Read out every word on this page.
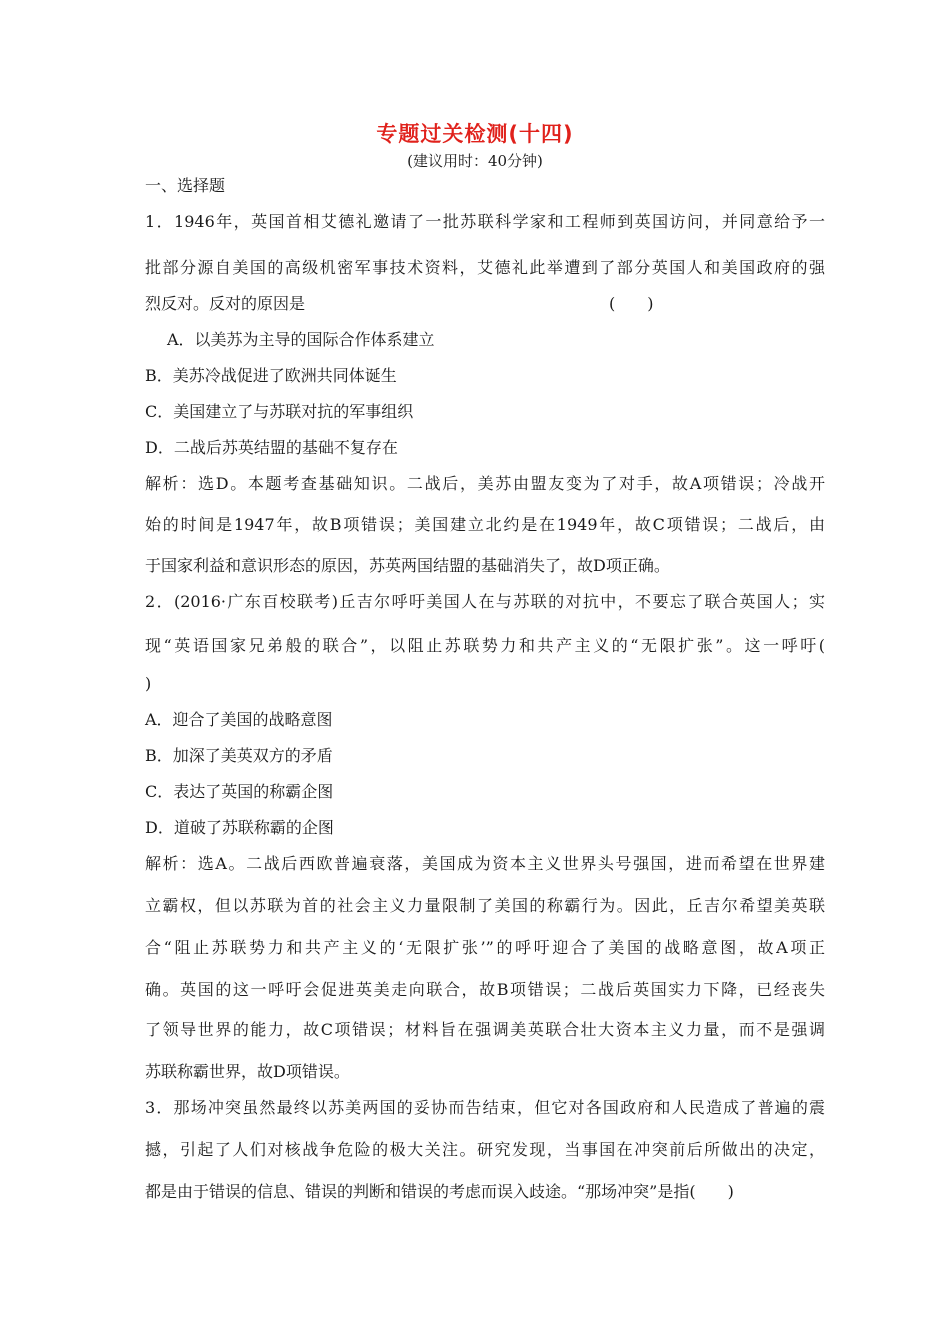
专题过关检测(十四)
(建议用时：40分钟)
一、选择题
1．1946年，英国首相艾德礼邀请了一批苏联科学家和工程师到英国访问，并同意给予一
批部分源自美国的高级机密军事技术资料，艾德礼此举遭到了部分英国人和美国政府的强
烈反对。反对的原因是　　　　　　　　　　　　　　　　　　　(　　)
A．以美苏为主导的国际合作体系建立
B．美苏冷战促进了欧洲共同体诞生
C．美国建立了与苏联对抗的军事组织
D．二战后苏英结盟的基础不复存在
解析：选D。本题考查基础知识。二战后，美苏由盟友变为了对手，故A项错误；冷战开
始的时间是1947年，故B项错误；美国建立北约是在1949年，故C项错误；二战后，由
于国家利益和意识形态的原因，苏英两国结盟的基础消失了，故D项正确。
2．(2016·广东百校联考)丘吉尔呼吁美国人在与苏联的对抗中，不要忘了联合英国人；实
现“英语国家兄弟般的联合”，以阻止苏联势力和共产主义的“无限扩张”。这一呼吁(
)
A．迎合了美国的战略意图
B．加深了美英双方的矛盾
C．表达了英国的称霸企图
D．道破了苏联称霸的企图
解析：选A。二战后西欧普遍衰落，美国成为资本主义世界头号强国，进而希望在世界建
立霸权，但以苏联为首的社会主义力量限制了美国的称霸行为。因此，丘吉尔希望美英联
合“阻止苏联势力和共产主义的‘无限扩张’”的呼吁迎合了美国的战略意图，故A项正
确。英国的这一呼吁会促进英美走向联合，故B项错误；二战后英国实力下降，已经丧失
了领导世界的能力，故C项错误；材料旨在强调美英联合壮大资本主义力量，而不是强调
苏联称霸世界，故D项错误。
3．那场冲突虽然最终以苏美两国的妥协而告结束，但它对各国政府和人民造成了普遍的震
撼，引起了人们对核战争危险的极大关注。研究发现，当事国在冲突前后所做出的决定，
都是由于错误的信息、错误的判断和错误的考虑而误入歧途。“那场冲突”是指(　　)
